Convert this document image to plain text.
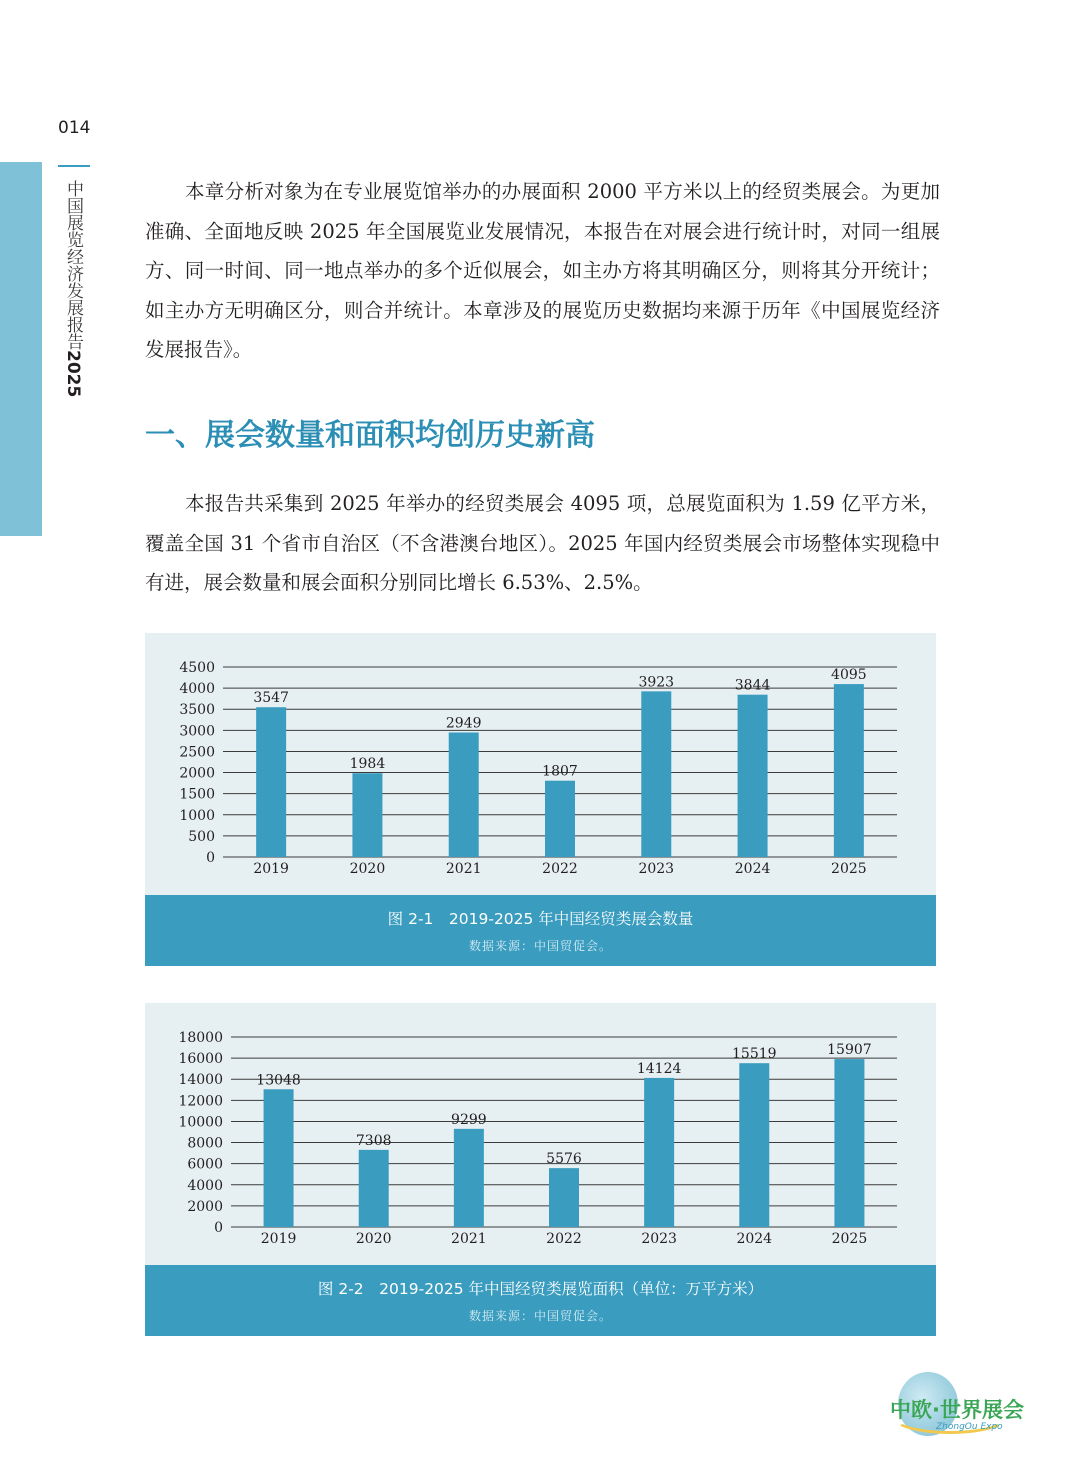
014
中国展览经济发展报告2025

本章分析对象为在专业展览馆举办的办展面积 2000 平方米以上的经贸类展会。为更加准确、全面地反映 2025 年全国展览业发展情况，本报告在对展会进行统计时，对同一组展方、同一时间、同一地点举办的多个近似展会，如主办方将其明确区分，则将其分开统计；如主办方无明确区分，则合并统计。本章涉及的展览历史数据均来源于历年《中国展览经济发展报告》。

一、展会数量和面积均创历史新高

本报告共采集到 2025 年举办的经贸类展会 4095 项，总展览面积为 1.59 亿平方米，覆盖全国 31 个省市自治区（不含港澳台地区）。2025 年国内经贸类展会市场整体实现稳中有进，展会数量和展会面积分别同比增长 6.53%、2.5%。

0
500
1000
1500
2000
2500
3000
3500
4000
4500
3547
2019
1984
2020
2949
2021
1807
2022
3923
2023
3844
2024
4095
2025
图 2-1　2019-2025 年中国经贸类展会数量
数据来源：中国贸促会。
0
2000
4000
6000
8000
10000
12000
14000
16000
18000
13048
2019
7308
2020
9299
2021
5576
2022
14124
2023
15519
2024
15907
2025
图 2-2　2019-2025 年中国经贸类展览面积（单位：万平方米）
数据来源：中国贸促会。
中欧·世界展会
ZhongOu Expo
